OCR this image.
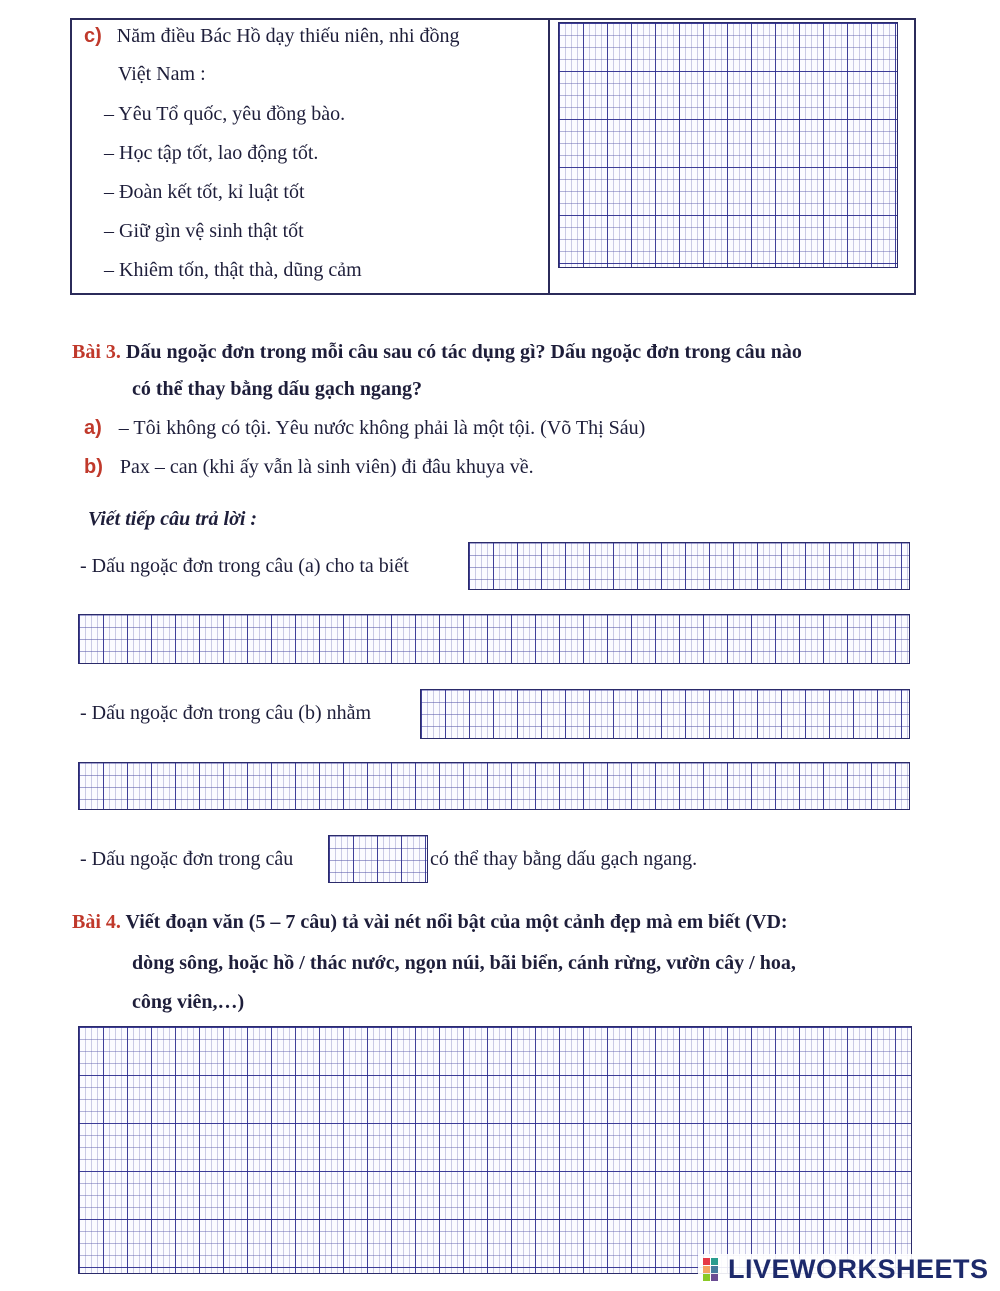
c) Năm điều Bác Hồ dạy thiếu niên, nhi đồng
Việt Nam :
– Yêu Tổ quốc, yêu đồng bào.
– Học tập tốt, lao động tốt.
– Đoàn kết tốt, kỉ luật tốt
– Giữ gìn vệ sinh thật tốt
– Khiêm tốn, thật thà, dũng cảm
Bài 3. Dấu ngoặc đơn trong mỗi câu sau có tác dụng gì? Dấu ngoặc đơn trong câu nào
có thể thay bằng dấu gạch ngang?
a) – Tôi không có tội. Yêu nước không phải là một tội. (Võ Thị Sáu)
b) Pax – can (khi ấy vẫn là sinh viên) đi đâu khuya về.
Viết tiếp câu trả lời :
- Dấu ngoặc đơn trong câu (a) cho ta biết
- Dấu ngoặc đơn trong câu (b) nhằm
- Dấu ngoặc đơn trong câu	có thể thay bằng dấu gạch ngang.
Bài 4. Viết đoạn văn (5 – 7 câu) tả vài nét nổi bật của một cảnh đẹp mà em biết (VD:
dòng sông, hoặc hồ / thác nước, ngọn núi, bãi biển, cánh rừng, vườn cây / hoa,
công viên,…)
LIVEWORKSHEETS
